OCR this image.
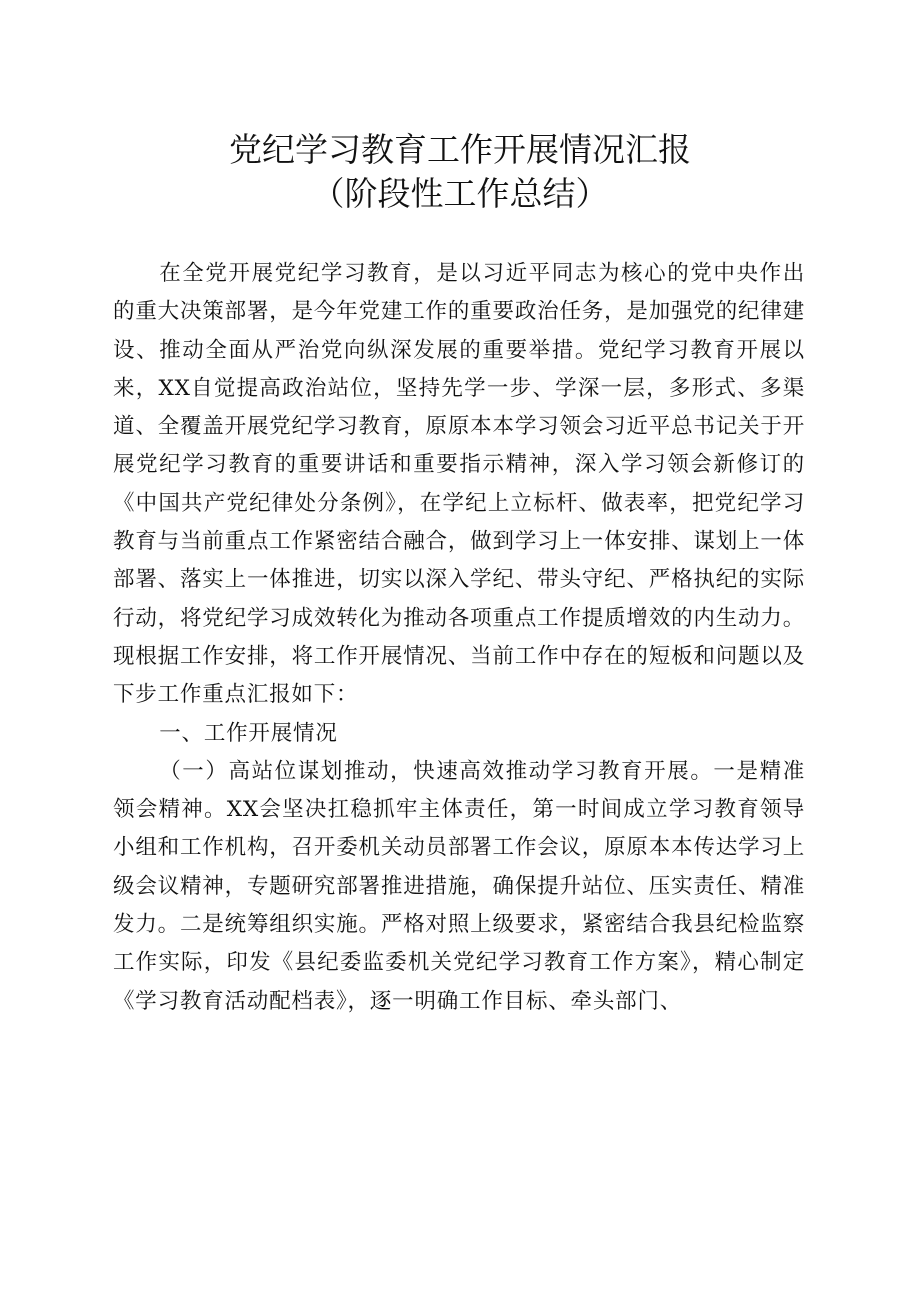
党纪学习教育工作开展情况汇报
（阶段性工作总结）

在全党开展党纪学习教育，是以习近平同志为核心的党中央作出的重大决策部署，是今年党建工作的重要政治任务，是加强党的纪律建设、推动全面从严治党向纵深发展的重要举措。党纪学习教育开展以来，XX自觉提高政治站位，坚持先学一步、学深一层，多形式、多渠道、全覆盖开展党纪学习教育，原原本本学习领会习近平总书记关于开展党纪学习教育的重要讲话和重要指示精神，深入学习领会新修订的《中国共产党纪律处分条例》，在学纪上立标杆、做表率，把党纪学习教育与当前重点工作紧密结合融合，做到学习上一体安排、谋划上一体部署、落实上一体推进，切实以深入学纪、带头守纪、严格执纪的实际行动，将党纪学习成效转化为推动各项重点工作提质增效的内生动力。现根据工作安排，将工作开展情况、当前工作中存在的短板和问题以及下步工作重点汇报如下：

一、工作开展情况

（一）高站位谋划推动，快速高效推动学习教育开展。一是精准领会精神。XX会坚决扛稳抓牢主体责任，第一时间成立学习教育领导小组和工作机构，召开委机关动员部署工作会议，原原本本传达学习上级会议精神，专题研究部署推进措施，确保提升站位、压实责任、精准发力。二是统筹组织实施。严格对照上级要求，紧密结合我县纪检监察工作实际，印发《县纪委监委机关党纪学习教育工作方案》，精心制定《学习教育活动配档表》，逐一明确工作目标、牵头部门、
